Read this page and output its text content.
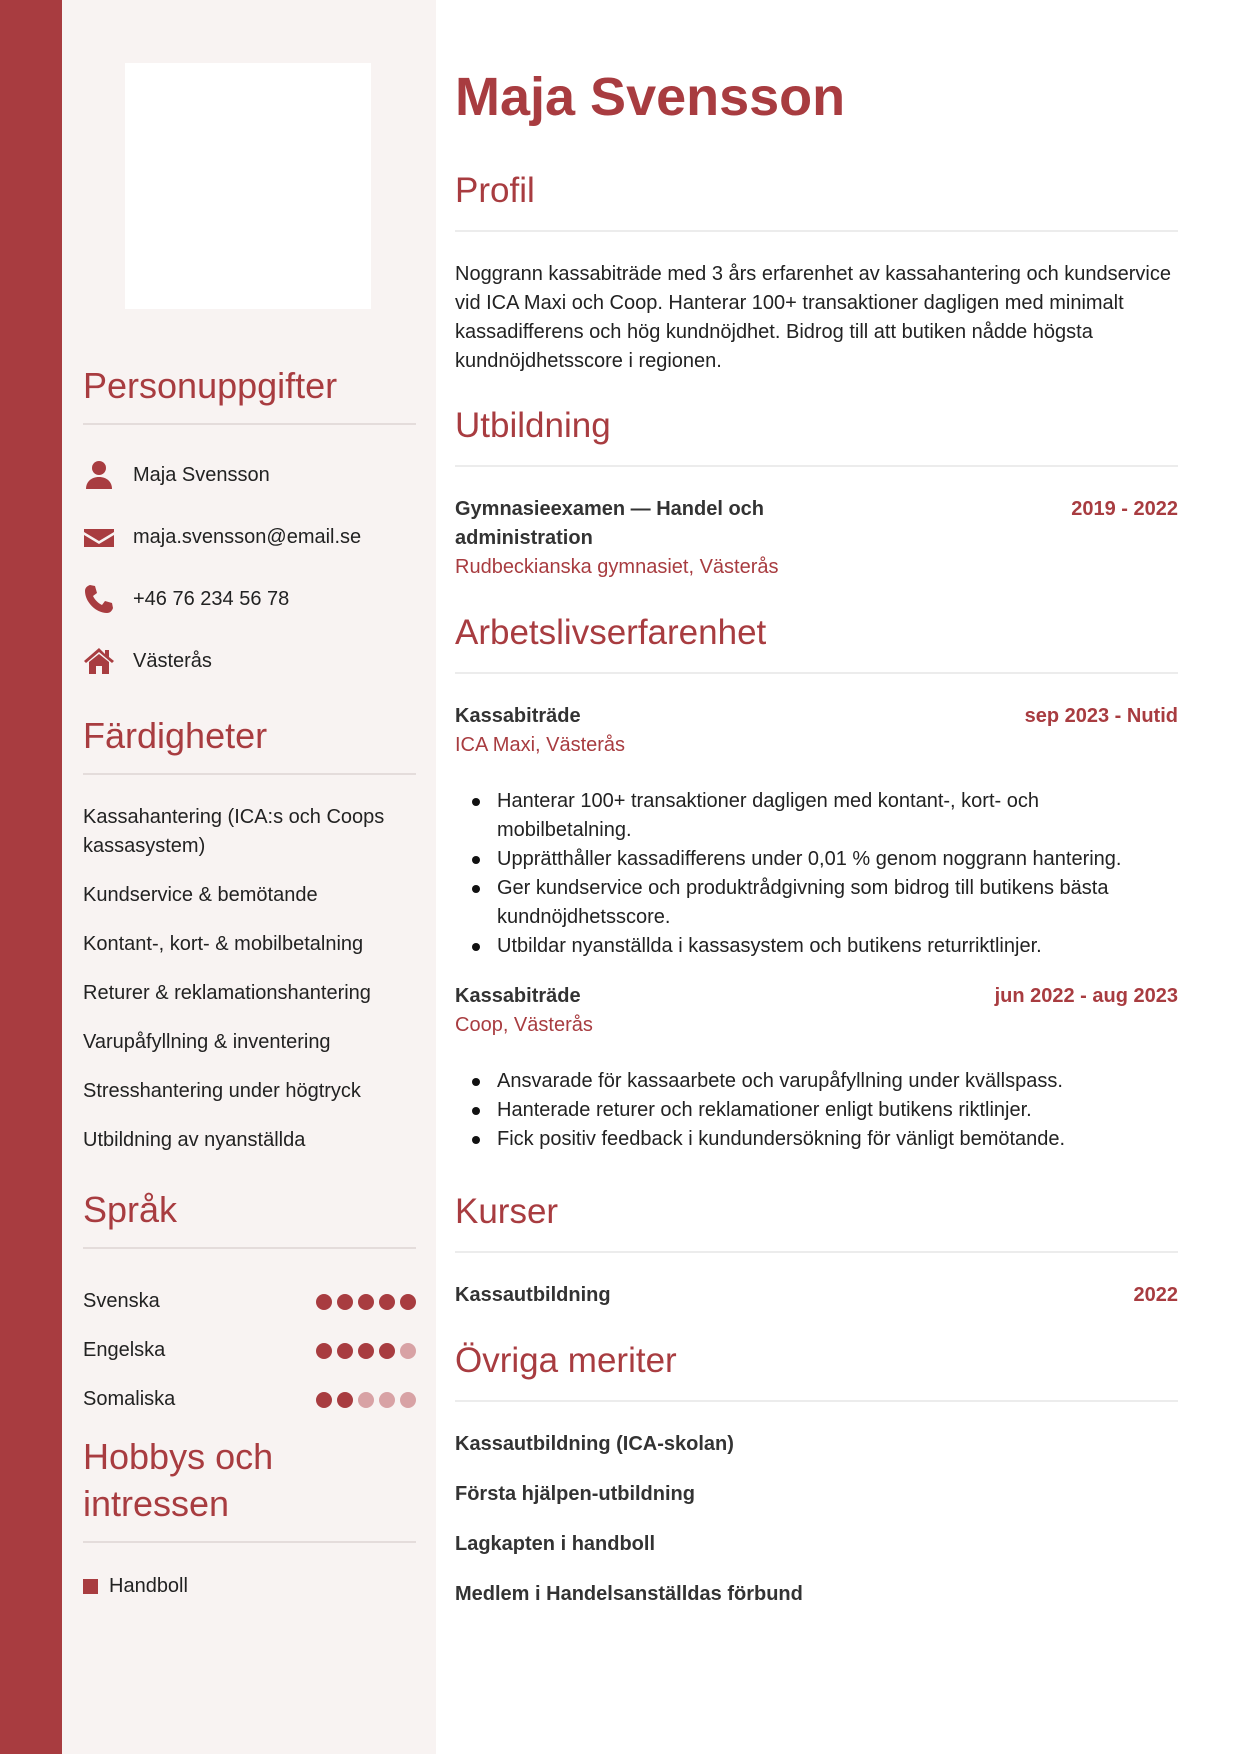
Personuppgifter
Maja Svensson
maja.svensson@email.se
+46 76 234 56 78
Västerås
Färdigheter
Kassahantering (ICA:s och Coops kassasystem)
Kundservice & bemötande
Kontant-, kort- & mobilbetalning
Returer & reklamationshantering
Varupåfyllning & inventering
Stresshantering under högtryck
Utbildning av nyanställda
Språk
Svenska
Engelska
Somaliska
Hobbys och intressen
Handboll
Maja Svensson
Profil

Noggrann kassabiträde med 3 års erfarenhet av kassahantering och kundservice vid ICA Maxi och Coop. Hanterar 100+ transaktioner dagligen med minimalt kassadifferens och hög kundnöjdhet. Bidrog till att butiken nådde högsta kundnöjdhetsscore i regionen.

Utbildning
Gymnasieexamen — Handel och administration
2019 - 2022
Rudbeckianska gymnasiet, Västerås
Arbetslivserfarenhet
Kassabiträde	sep 2023 - Nutid
ICA Maxi, Västerås
Hanterar 100+ transaktioner dagligen med kontant-, kort- och mobilbetalning.
Upprätthåller kassadifferens under 0,01 % genom noggrann hantering.
Ger kundservice och produktrådgivning som bidrog till butikens bästa kundnöjdhetsscore.
Utbildar nyanställda i kassasystem och butikens returriktlinjer.
Kassabiträde	jun 2022 - aug 2023
Coop, Västerås
Ansvarade för kassaarbete och varupåfyllning under kvällspass.
Hanterade returer och reklamationer enligt butikens riktlinjer.
Fick positiv feedback i kundundersökning för vänligt bemötande.
Kurser
Kassautbildning	2022
Övriga meriter
Kassautbildning (ICA-skolan)
Första hjälpen-utbildning
Lagkapten i handboll
Medlem i Handelsanställdas förbund
